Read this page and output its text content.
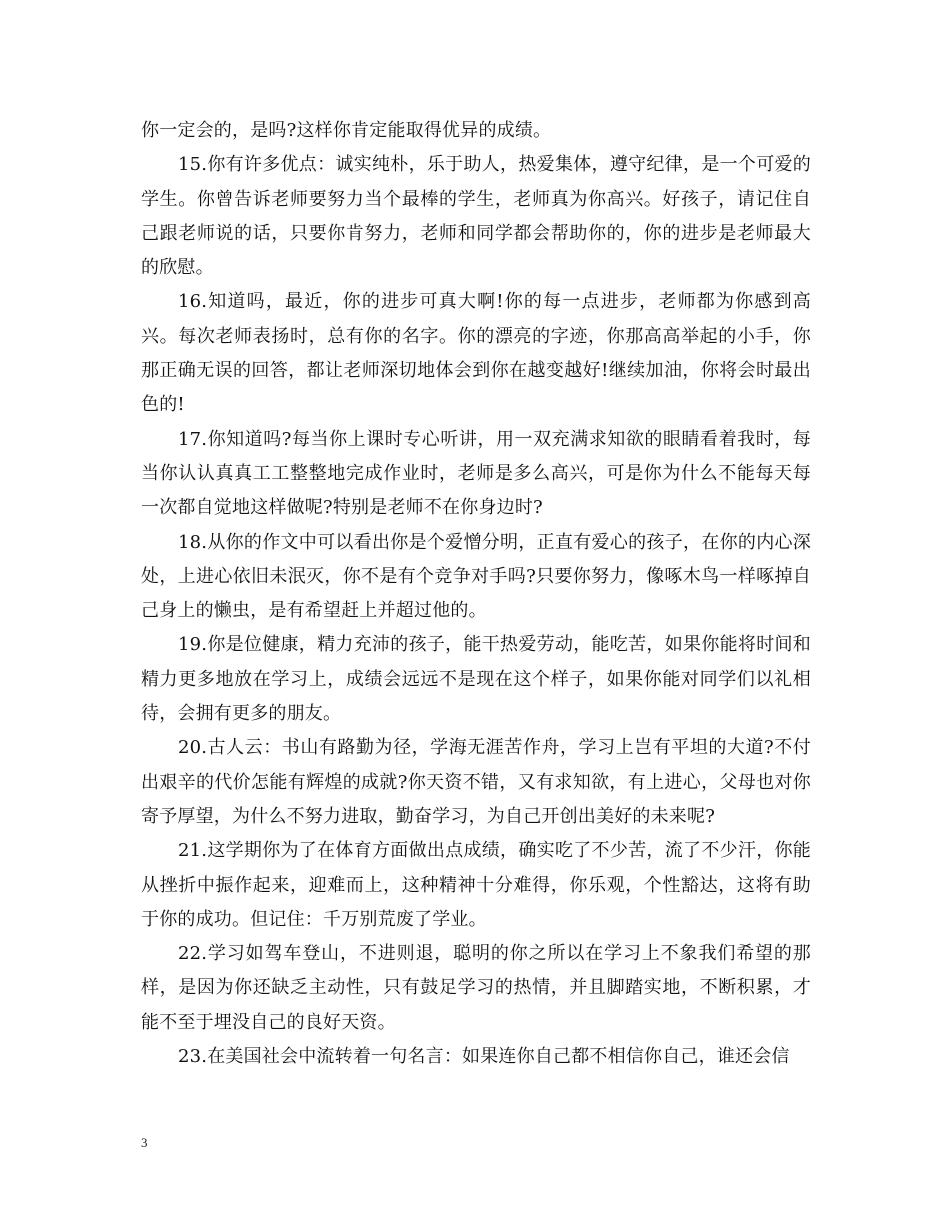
你一定会的，是吗?这样你肯定能取得优异的成绩。

15.你有许多优点：诚实纯朴，乐于助人，热爱集体，遵守纪律，是一个可爱的学生。你曾告诉老师要努力当个最棒的学生，老师真为你高兴。好孩子，请记住自己跟老师说的话，只要你肯努力，老师和同学都会帮助你的，你的进步是老师最大的欣慰。

16.知道吗，最近，你的进步可真大啊!你的每一点进步，老师都为你感到高兴。每次老师表扬时，总有你的名字。你的漂亮的字迹，你那高高举起的小手，你那正确无误的回答，都让老师深切地体会到你在越变越好!继续加油，你将会时最出色的!

17.你知道吗?每当你上课时专心听讲，用一双充满求知欲的眼睛看着我时，每当你认认真真工工整整地完成作业时，老师是多么高兴，可是你为什么不能每天每一次都自觉地这样做呢?特别是老师不在你身边时?

18.从你的作文中可以看出你是个爱憎分明，正直有爱心的孩子，在你的内心深处，上进心依旧未泯灭，你不是有个竞争对手吗?只要你努力，像啄木鸟一样啄掉自己身上的懒虫，是有希望赶上并超过他的。

19.你是位健康，精力充沛的孩子，能干热爱劳动，能吃苦，如果你能将时间和精力更多地放在学习上，成绩会远远不是现在这个样子，如果你能对同学们以礼相待，会拥有更多的朋友。

20.古人云：书山有路勤为径，学海无涯苦作舟，学习上岂有平坦的大道?不付出艰辛的代价怎能有辉煌的成就?你天资不错，又有求知欲，有上进心，父母也对你寄予厚望，为什么不努力进取，勤奋学习，为自己开创出美好的未来呢?

21.这学期你为了在体育方面做出点成绩，确实吃了不少苦，流了不少汗，你能从挫折中振作起来，迎难而上，这种精神十分难得，你乐观，个性豁达，这将有助于你的成功。但记住：千万别荒废了学业。

22.学习如驾车登山，不进则退，聪明的你之所以在学习上不象我们希望的那样，是因为你还缺乏主动性，只有鼓足学习的热情，并且脚踏实地，不断积累，才能不至于埋没自己的良好天资。

23.在美国社会中流转着一句名言：如果连你自己都不相信你自己，谁还会信

3
